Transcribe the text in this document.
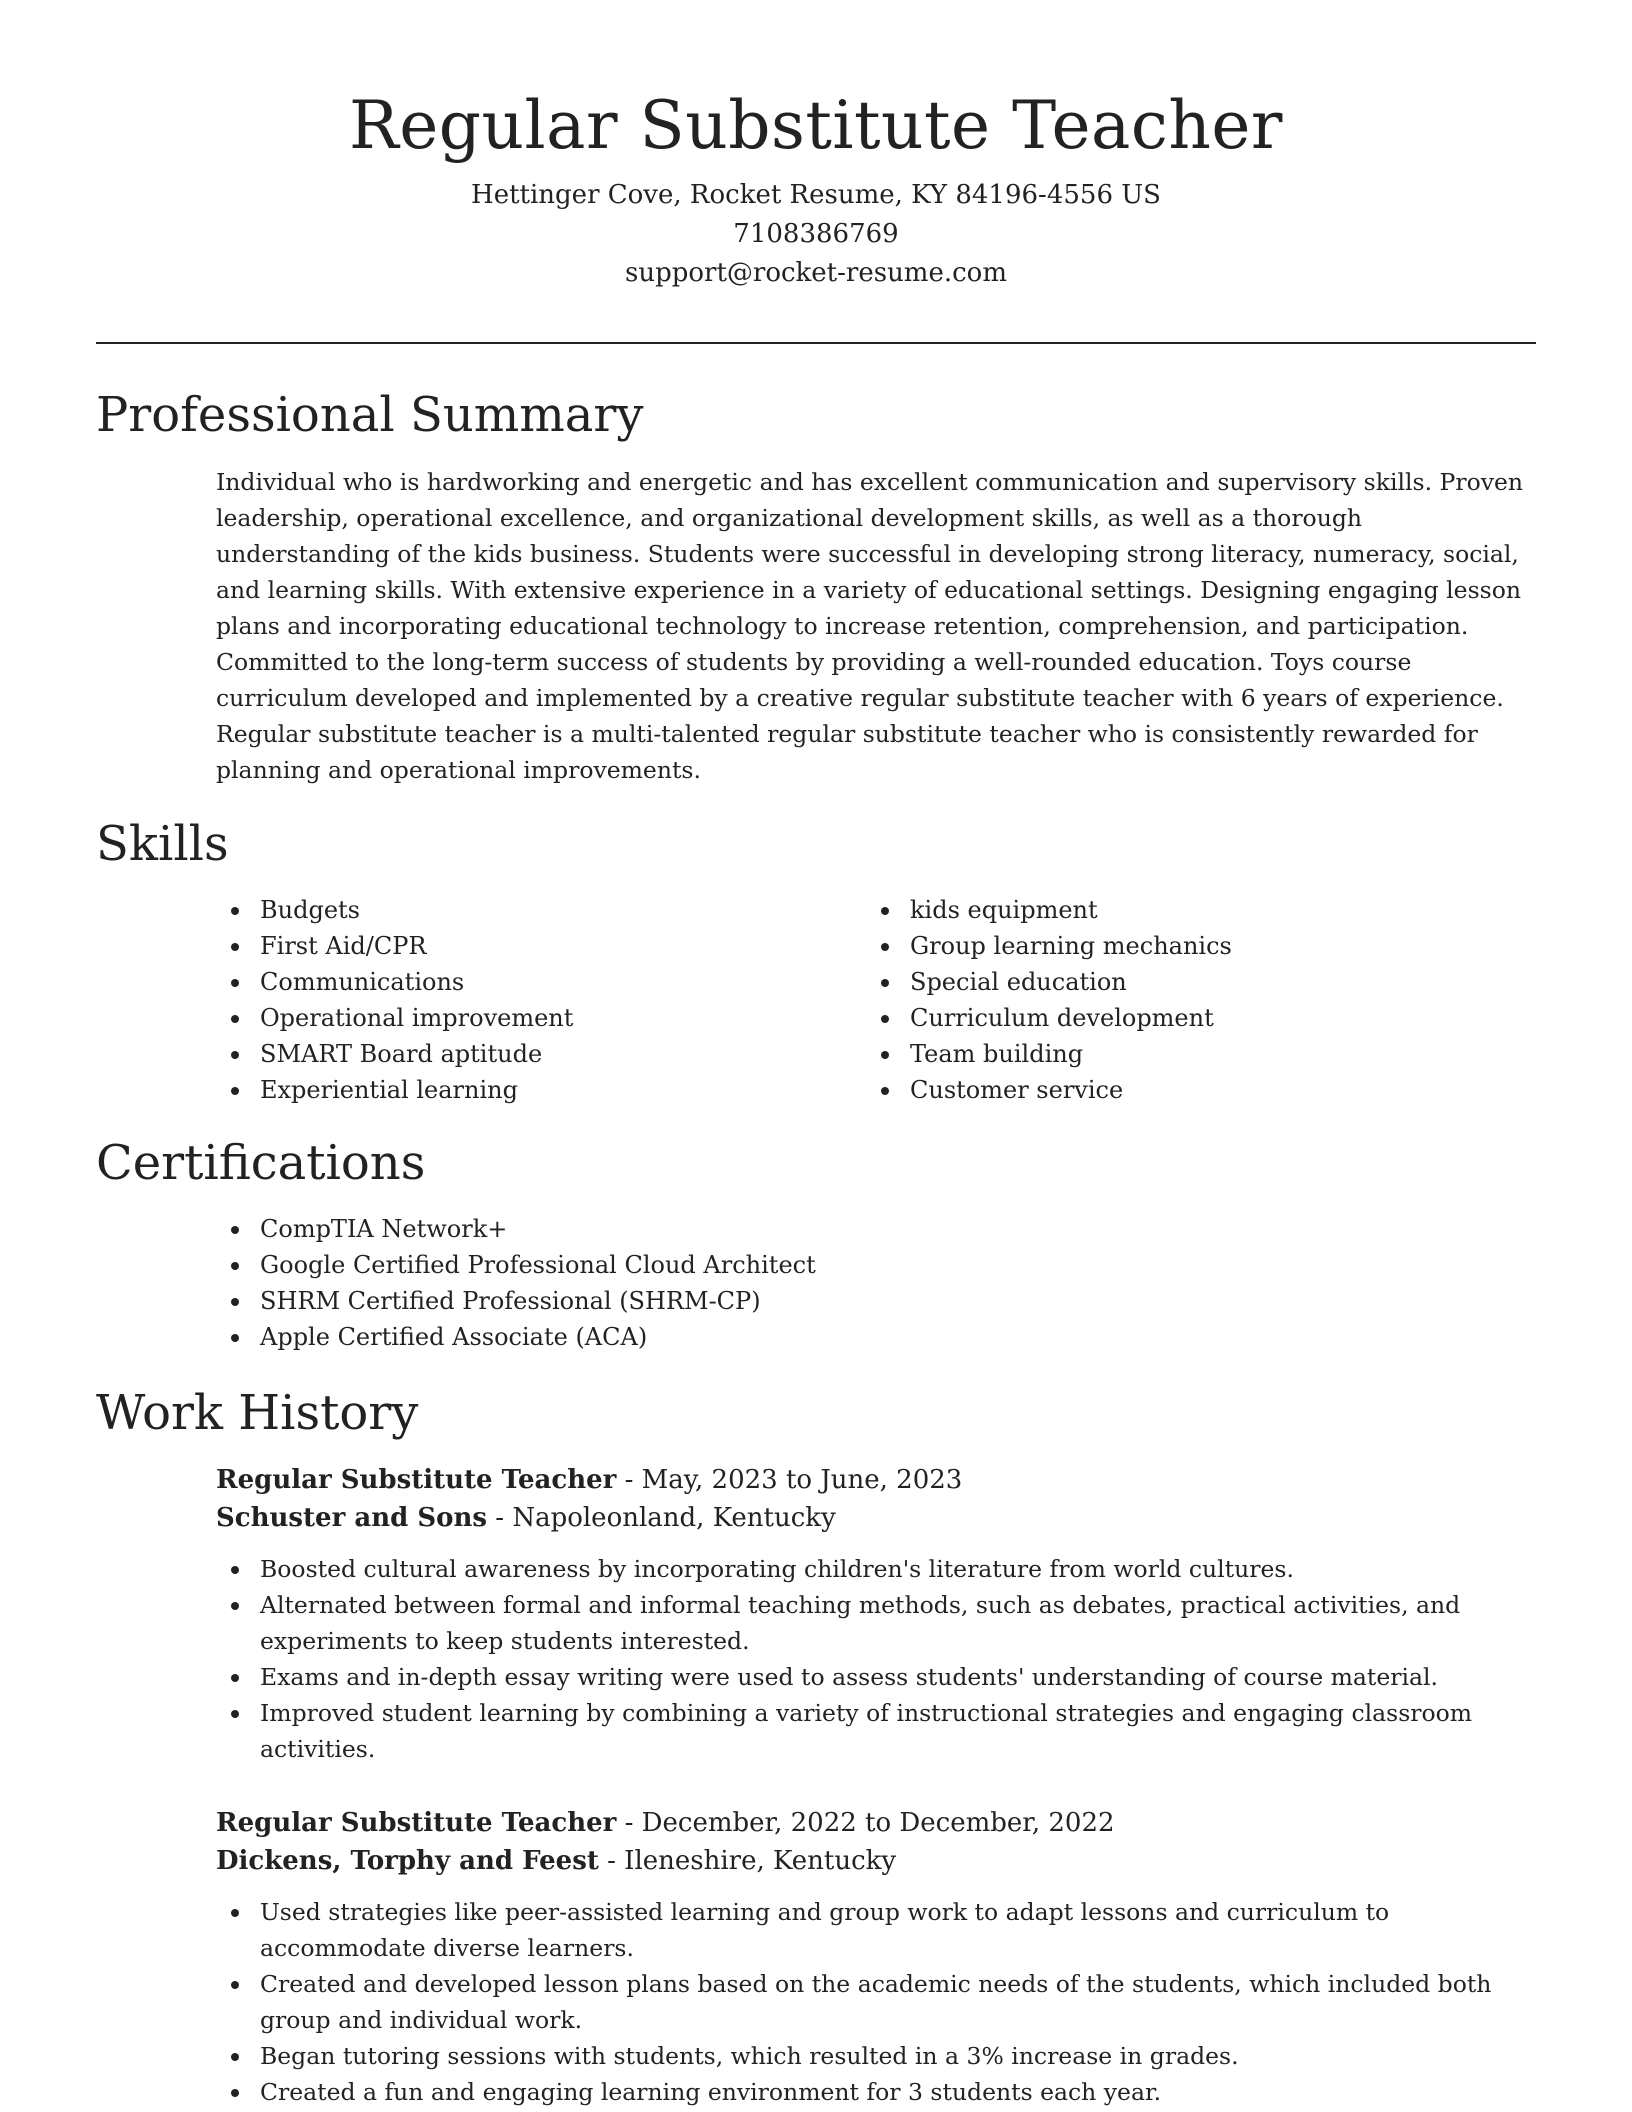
Regular Substitute Teacher
Hettinger Cove, Rocket Resume, KY 84196-4556 US
7108386769
support@rocket-resume.com
Professional Summary

Individual who is hardworking and energetic and has excellent communication and supervisory skills. Proven leadership, operational excellence, and organizational development skills, as well as a thorough understanding of the kids business. Students were successful in developing strong literacy, numeracy, social, and learning skills. With extensive experience in a variety of educational settings. Designing engaging lesson plans and incorporating educational technology to increase retention, comprehension, and participation. Committed to the long-term success of students by providing a well-rounded education. Toys course curriculum developed and implemented by a creative regular substitute teacher with 6 years of experience. Regular substitute teacher is a multi-talented regular substitute teacher who is consistently rewarded for planning and operational improvements.

Skills
Budgets
First Aid/CPR
Communications
Operational improvement
SMART Board aptitude
Experiential learning
kids equipment
Group learning mechanics
Special education
Curriculum development
Team building
Customer service
Certifications
CompTIA Network+
Google Certified Professional Cloud Architect
SHRM Certified Professional (SHRM-CP)
Apple Certified Associate (ACA)
Work History
Regular Substitute Teacher - May, 2023 to June, 2023
Schuster and Sons - Napoleonland, Kentucky
Boosted cultural awareness by incorporating children's literature from world cultures.
Alternated between formal and informal teaching methods, such as debates, practical activities, and experiments to keep students interested.
Exams and in-depth essay writing were used to assess students' understanding of course material.
Improved student learning by combining a variety of instructional strategies and engaging classroom activities.
Regular Substitute Teacher - December, 2022 to December, 2022
Dickens, Torphy and Feest - Ileneshire, Kentucky
Used strategies like peer-assisted learning and group work to adapt lessons and curriculum to accommodate diverse learners.
Created and developed lesson plans based on the academic needs of the students, which included both group and individual work.
Began tutoring sessions with students, which resulted in a 3% increase in grades.
Created a fun and engaging learning environment for 3 students each year.
